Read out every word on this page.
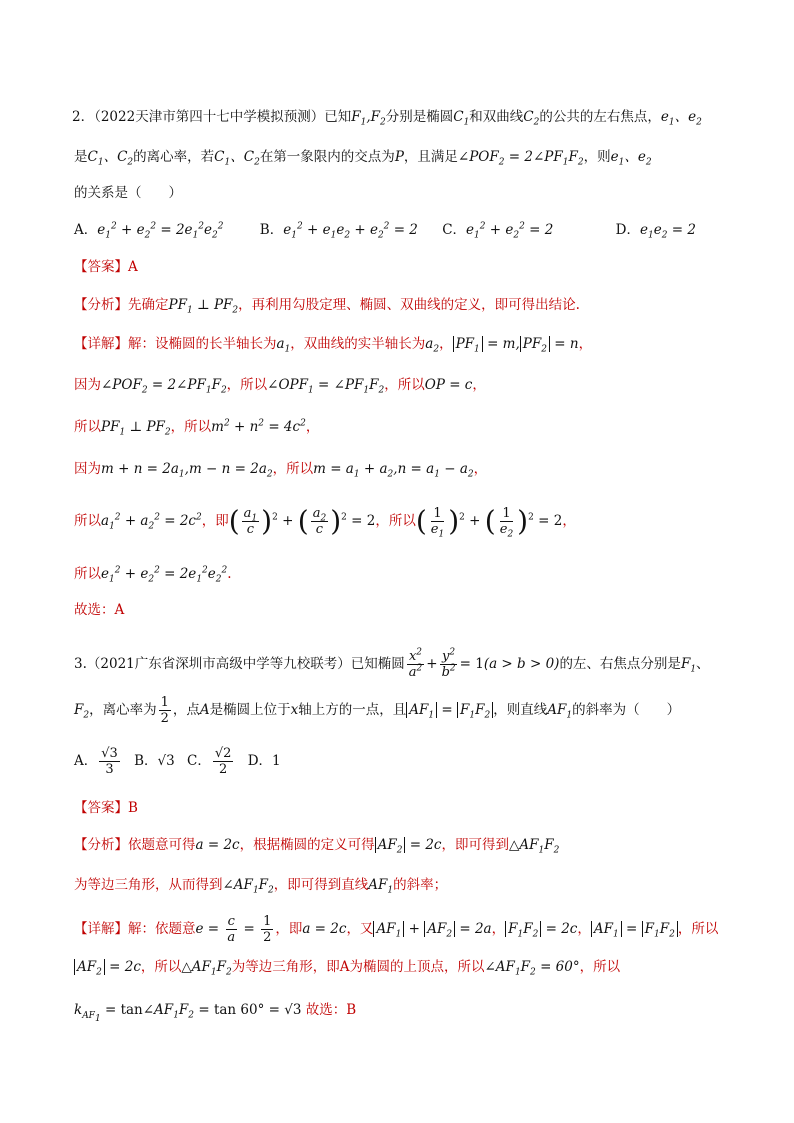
2．（2022天津市第四十七中学模拟预测）已知$F_1,F_2$分别是椭圆$C_1$和双曲线$C_2$的公共的左右焦点，$e_1$、$e_2$
是$C_1$、$C_2$的离心率，若$C_1$、$C_2$在第一象限内的交点为P，且满足$\angle POF_2$ = $2\angle PF_1F_2$，则$e_1$、$e_2$
的关系是（　　）
A．$e_1^2 + e_2^2 = 2e_1^2e_2^2$	B．$e_1^2 + e_1e_2 + e_2^2 = 2$ C．$e_1^2 + e_2^2 = 2$	D．$e_1e_2 = 2$
【答案】A
【分析】先确定$PF_1$ ⊥ $PF_2$，再利用勾股定理、椭圆、双曲线的定义，即可得出结论.
【详解】解：设椭圆的长半轴长为$a_1$，双曲线的实半轴长为$a_2$， $PF_1 = m$, $PF_2 = n$，
因为$\angle POF_2$ = $2\angle PF_1F_2$，所以$\angle OPF_1$ = $\angle PF_1F_2$，所以OP = c，
所以$PF_1$ ⊥ $PF_2$，所以$m^2 + n^2 = 4c^2$，
因为$m + n = 2a_1,m - n = 2a_2$，所以$m = a_1 + a_2,n = a_1 - a_2$，
所以$a_1^2 + a_2^2 = 2c^2$，即( $\frac{a_1}{c} )^2$ + ( $\frac{a_2}{c} )^2 = 2$，所以( $\frac{1}{e_1} )^2$ + ( $\frac{1}{e_2} )^2 = 2$，
所以$e_1^2 + e_2^2 = 2e_1^2e_2^2$.
故选：A
3.（2021广东省深圳市高级中学等九校联考）已知椭圆 $\frac{x^2}{a^2} + \frac{y^2}{b^2} = 1(a > b > 0)$的左、右焦点分别是$F_1$、
$F_2$，离心率为 $\frac{1}{2}$ ，点A是椭圆上位于x轴上方的一点，且 $AF_1 = F_1F_2$ ，则直线$AF_1$的斜率为（　　）
A． $\frac{√3}{3}$ B．√3 C． $\frac{√2}{2}$ D．1
【答案】B
【分析】依题意可得a = 2c，根据椭圆的定义可得 $AF_2 = 2c$，即可得到$\triangle AF_1F_2$
为等边三角形，从而得到$\angle AF_1F_2$，即可得到直线$AF_1$的斜率；
【详解】解：依题意$e = \frac{c}{a} = \frac{1}{2}$ ，即a = 2c，又 $AF_1 + AF_2 = 2a$， $F_1F_2 = 2c$， $AF_1 = F_1F_2$ ，所以
$AF_2 = 2c$，所以$\triangle AF_1F_2$为等边三角形，即A为椭圆的上顶点，所以$\angle AF_1F_2 = 60^\circ$，所以
$k_{AF_1}$ = $\tan\angle AF_1F_2 = \tan 60^\circ = √3$ 故选：B
